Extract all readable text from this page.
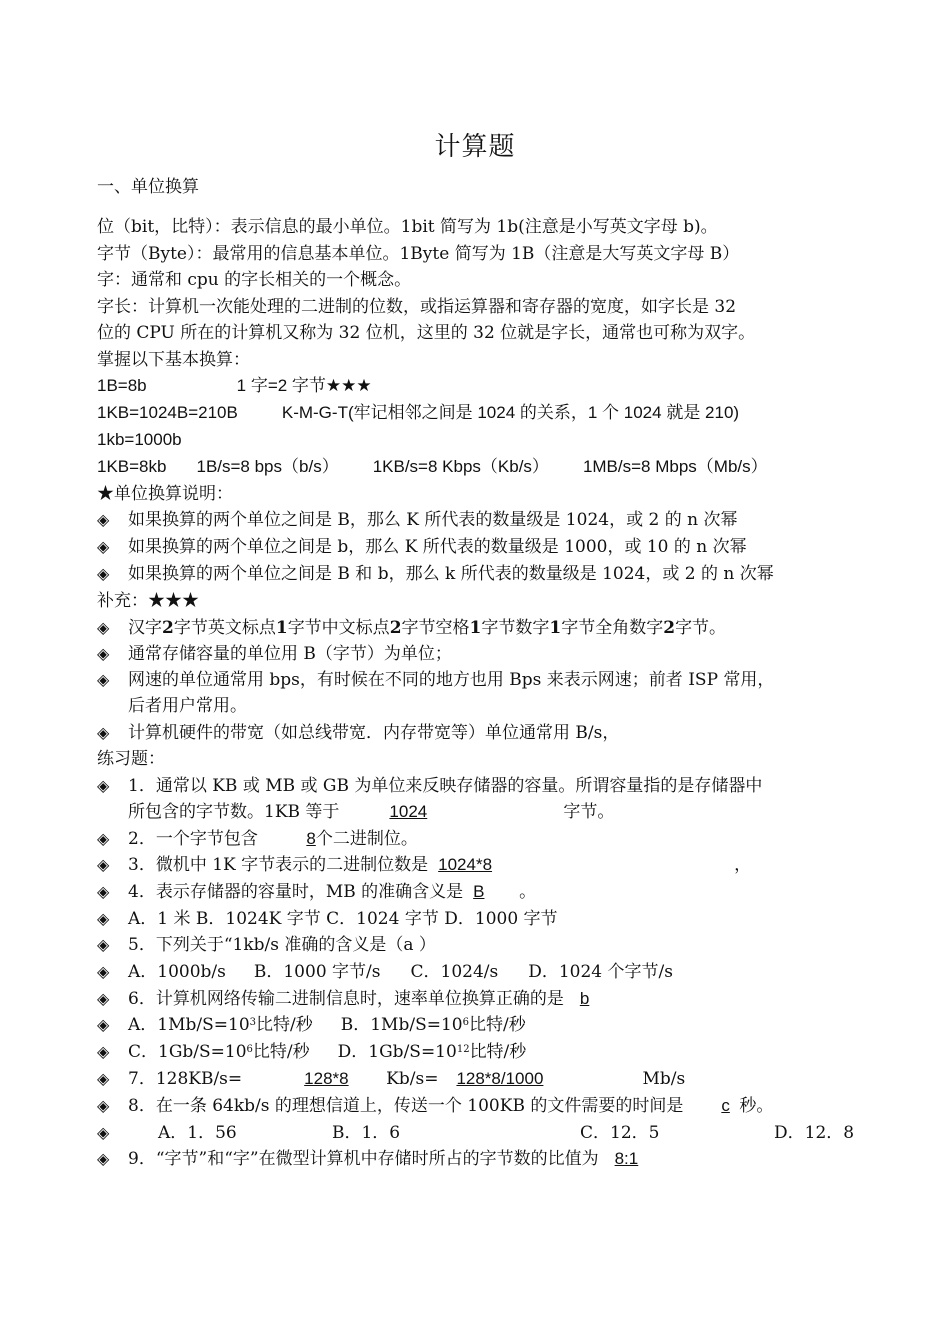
计算题
一、单位换算
位（bit，比特）：表示信息的最小单位。1bit 简写为 1b(注意是小写英文字母 b)。
字节（Byte）：最常用的信息基本单位。1Byte 简写为 1B（注意是大写英文字母 B）
字：通常和 cpu 的字长相关的一个概念。
字长：计算机一次能处理的二进制的位数，或指运算器和寄存器的宽度，如字长是 32
位的 CPU 所在的计算机又称为 32 位机，这里的 32 位就是字长，通常也可称为双字。
掌握以下基本换算：
1B=8b	1 字=2 字节★★★
1KB=1024B=210B	K-M-G-T(牢记相邻之间是 1024 的关系，1 个 1024 就是 210)
1kb=1000b
1KB=8kb 1B/s=8 bps（b/s） 1KB/s=8 Kbps（Kb/s） 1MB/s=8 Mbps（Mb/s）
★单位换算说明：
◈	如果换算的两个单位之间是 B，那么 K 所代表的数量级是 1024，或 2 的 n 次幂
◈	如果换算的两个单位之间是 b，那么 K 所代表的数量级是 1000，或 10 的 n 次幂
◈	如果换算的两个单位之间是 B 和 b，那么 k 所代表的数量级是 1024，或 2 的 n 次幂
补充：★★★
◈	汉字2字节英文标点1字节中文标点2字节空格1字节数字1字节全角数字2字节。
◈	通常存储容量的单位用 B（字节）为单位；
◈	网速的单位通常用 bps，有时候在不同的地方也用 Bps 来表示网速；前者 ISP 常用，
后者用户常用。
◈	计算机硬件的带宽（如总线带宽．内存带宽等）单位通常用 B/s，
练习题：
◈	1．通常以 KB 或 MB 或 GB 为单位来反映存储器的容量。所谓容量指的是存储器中
所包含的字节数。1KB 等于	1024	字节。
◈	2．一个字节包含	8个二进制位。
◈	3．微机中 1K 字节表示的二进制位数是 1024*8	，
◈	4．表示存储器的容量时，MB 的准确含义是 B 。
◈	A．1 米 B．1024K 字节 C．1024 字节 D．1000 字节
◈	5．下列关于“1kb/s 准确的含义是（a ）
◈	A．1000b/s B．1000 字节/s C．1024/s D．1024 个字节/s
◈	6．计算机网络传输二进制信息时，速率单位换算正确的是 b
◈	A．$1Mb/S=10^3$比特/秒 B．$1Mb/S=10^6$比特/秒
◈	C．$1Gb/S=10^6$比特/秒 D．$1Gb/S=10^{12}$比特/秒
◈	7．128KB/s=	128*8 Kb/s= 128*8/1000	Mb/s
◈	8．在一条 64kb/s 的理想信道上，传送一个 100KB 的文件需要的时间是 c 秒。
◈	A．1．56	B．1．6	C．12．5	D．12．8
◈	9．“字节”和“字”在微型计算机中存储时所占的字节数的比值为 8:1
